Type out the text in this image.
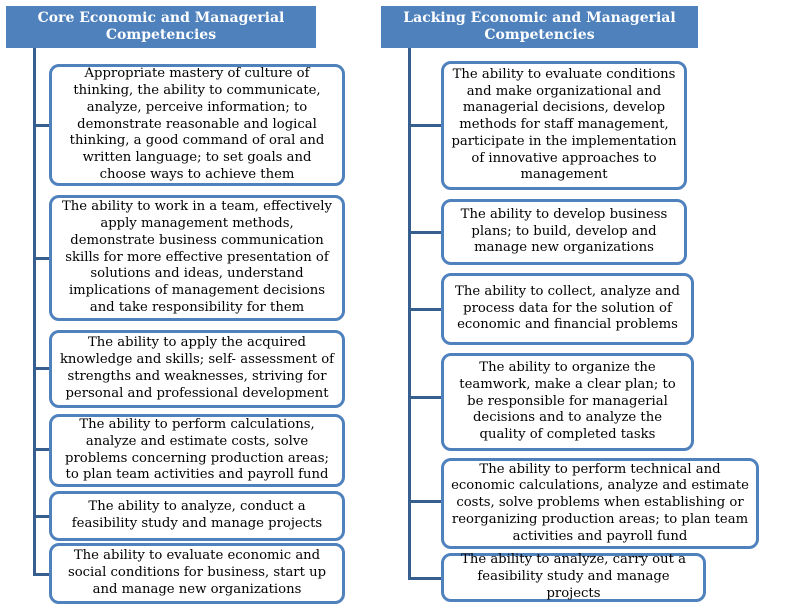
Core Economic and Managerial Competencies
Appropriate mastery of culture of thinking, the ability to communicate, analyze, perceive information; to demonstrate reasonable and logical thinking, a good command of oral and written language; to set goals and choose ways to achieve them
The ability to work in a team, effectively apply management methods, demonstrate business communication skills for more effective presentation of solutions and ideas, understand implications of management decisions and take responsibility for them
The ability to apply the acquired knowledge and skills; self- assessment of strengths and weaknesses, striving for personal and professional development
The ability to perform calculations, analyze and estimate costs, solve problems concerning production areas; to plan team activities and payroll fund
The ability to analyze, conduct a feasibility study and manage projects
The ability to evaluate economic and social conditions for business, start up and manage new organizations
Lacking Economic and Managerial Competencies
The ability to evaluate conditions and make organizational and managerial decisions, develop methods for staff management, participate in the implementation of innovative approaches to management
The ability to develop business plans; to build, develop and manage new organizations
The ability to collect, analyze and process data for the solution of economic and financial problems
The ability to organize the teamwork, make a clear plan; to be responsible for managerial decisions and to analyze the quality of completed tasks
The ability to perform technical and economic calculations, analyze and estimate costs, solve problems when establishing or reorganizing production areas; to plan team activities and payroll fund
The ability to analyze, carry out a feasibility study and manage projects
